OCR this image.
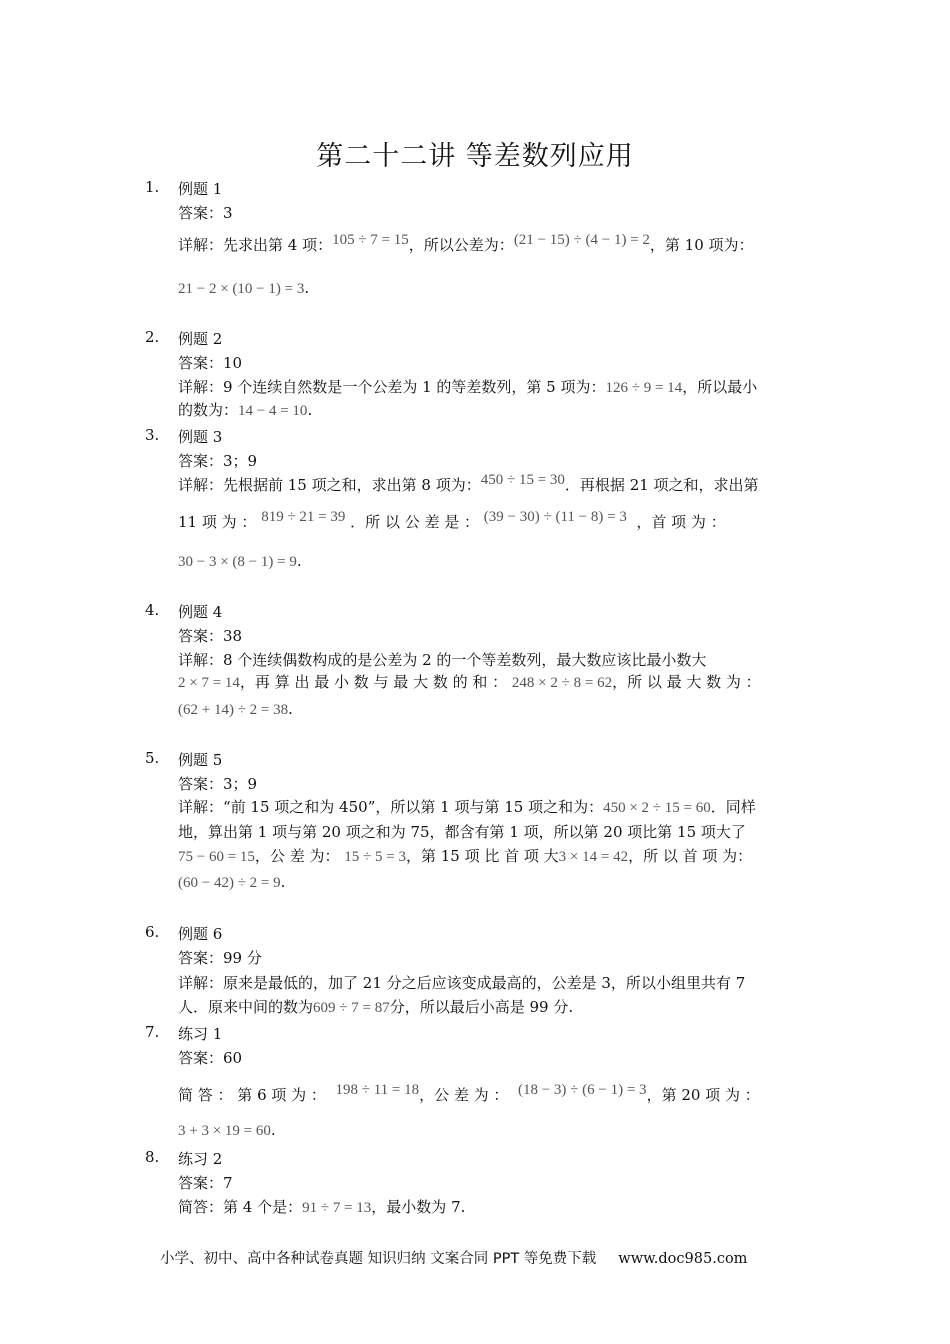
第二十二讲 等差数列应用
1. 例题 1
答案：3
详解：先求出第 4 项：105 ÷ 7 = 15，所以公差为：(21 − 15) ÷ (4 − 1) = 2，第 10 项为：
21 − 2 × (10 − 1) = 3.
2. 例题 2
答案：10
详解：9 个连续自然数是一个公差为 1 的等差数列，第 5 项为：126 ÷ 9 = 14，所以最小
的数为：14 − 4 = 10.
3. 例题 3
答案：3；9
详解：先根据前 15 项之和，求出第 8 项为：450 ÷ 15 = 30．再根据 21 项之和，求出第
11 项 为 ： 819 ÷ 21 = 39 ．所 以 公 差 是 ： (39 − 30) ÷ (11 − 8) = 3 ，首 项 为 ：
30 − 3 × (8 − 1) = 9.
4. 例题 4
答案：38
详解：8 个连续偶数构成的是公差为 2 的一个等差数列，最大数应该比最小数大
2 × 7 = 14，再 算 出 最 小 数 与 最 大 数 的 和 ： 248 × 2 ÷ 8 = 62，所 以 最 大 数 为 ：
(62 + 14) ÷ 2 = 38.
5. 例题 5
答案：3；9
详解：“前 15 项之和为 450”，所以第 1 项与第 15 项之和为：450 × 2 ÷ 15 = 60．同样
地，算出第 1 项与第 20 项之和为 75，都含有第 1 项，所以第 20 项比第 15 项大了
75 − 60 = 15，公 差 为： 15 ÷ 5 = 3，第 15 项 比 首 项 大3 × 14 = 42，所 以 首 项 为：
(60 − 42) ÷ 2 = 9.
6. 例题 6
答案：99 分
详解：原来是最低的，加了 21 分之后应该变成最高的，公差是 3，所以小组里共有 7
人．原来中间的数为609 ÷ 7 = 87分，所以最后小高是 99 分.
7. 练习 1
答案：60
简 答 ： 第 6 项 为 ： 198 ÷ 11 = 18，公 差 为 ： (18 − 3) ÷ (6 − 1) = 3，第 20 项 为 ：
3 + 3 × 19 = 60.
8. 练习 2
答案：7
简答：第 4 个是：91 ÷ 7 = 13，最小数为 7.
小学、初中、高中各种试卷真题 知识归纳 文案合同 PPT 等免费下载 www.doc985.com
